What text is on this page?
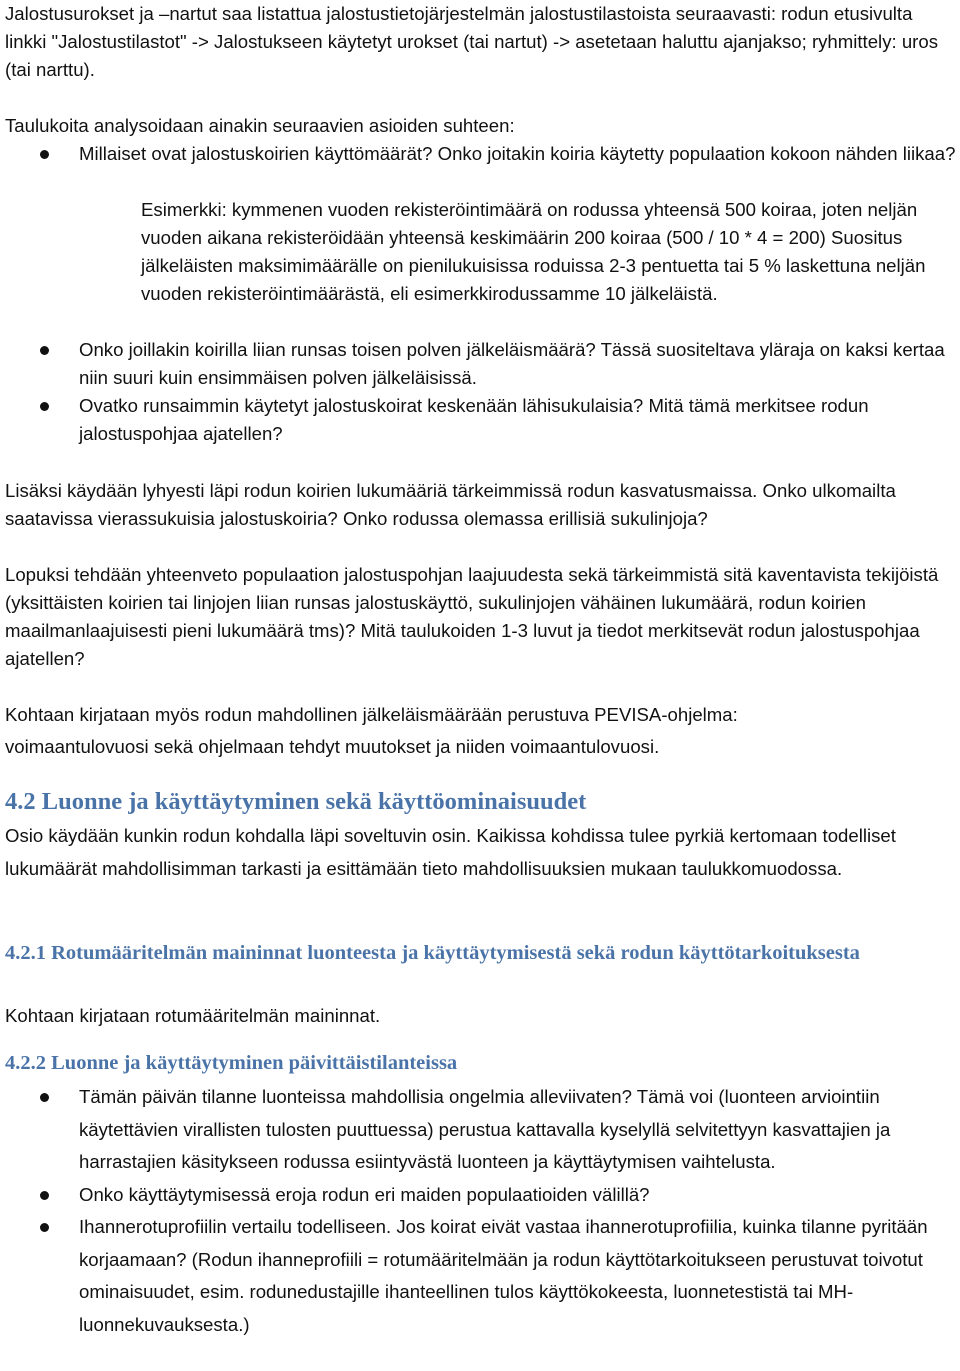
Jalostusurokset ja –nartut saa listattua jalostustietojärjestelmän jalostustilastoista seuraavasti: rodun etusivulta linkki "Jalostustilastot" -> Jalostukseen käytetyt urokset (tai nartut) -> asetetaan haluttu ajanjakso; ryhmittely: uros (tai narttu).

Taulukoita analysoidaan ainakin seuraavien asioiden suhteen:

Millaiset ovat jalostuskoirien käyttömäärät? Onko joitakin koiria käytetty populaation kokoon nähden liikaa?

Esimerkki: kymmenen vuoden rekisteröintimäärä on rodussa yhteensä 500 koiraa, joten neljän vuoden aikana rekisteröidään yhteensä keskimäärin 200 koiraa (500 / 10 * 4 = 200) Suositus jälkeläisten maksimimäärälle on pienilukuisissa roduissa 2-3 pentuetta tai 5 % laskettuna neljän vuoden rekisteröintimäärästä, eli esimerkkirodussamme 10 jälkeläistä.

Onko joillakin koirilla liian runsas toisen polven jälkeläismäärä? Tässä suositeltava yläraja on kaksi kertaa niin suuri kuin ensimmäisen polven jälkeläisissä.
Ovatko runsaimmin käytetyt jalostuskoirat keskenään lähisukulaisia? Mitä tämä merkitsee rodun jalostuspohjaa ajatellen?

Lisäksi käydään lyhyesti läpi rodun koirien lukumääriä tärkeimmissä rodun kasvatusmaissa. Onko ulkomailta saatavissa vierassukuisia jalostuskoiria? Onko rodussa olemassa erillisiä sukulinjoja?

Lopuksi tehdään yhteenveto populaation jalostuspohjan laajuudesta sekä tärkeimmistä sitä kaventavista tekijöistä (yksittäisten koirien tai linjojen liian runsas jalostuskäyttö, sukulinjojen vähäinen lukumäärä, rodun koirien maailmanlaajuisesti pieni lukumäärä tms)? Mitä taulukoiden 1-3 luvut ja tiedot merkitsevät rodun jalostuspohjaa ajatellen?

Kohtaan kirjataan myös rodun mahdollinen jälkeläismäärään perustuva PEVISA-ohjelma:

voimaantulovuosi sekä ohjelmaan tehdyt muutokset ja niiden voimaantulovuosi.

4.2 Luonne ja käyttäytyminen sekä käyttöominaisuudet

Osio käydään kunkin rodun kohdalla läpi soveltuvin osin. Kaikissa kohdissa tulee pyrkiä kertomaan todelliset lukumäärät mahdollisimman tarkasti ja esittämään tieto mahdollisuuksien mukaan taulukkomuodossa.

4.2.1 Rotumääritelmän maininnat luonteesta ja käyttäytymisestä sekä rodun käyttötarkoituksesta

Kohtaan kirjataan rotumääritelmän maininnat.

4.2.2 Luonne ja käyttäytyminen päivittäistilanteissa
Tämän päivän tilanne luonteissa mahdollisia ongelmia alleviivaten? Tämä voi (luonteen arviointiin käytettävien virallisten tulosten puuttuessa) perustua kattavalla kyselyllä selvitettyyn kasvattajien ja harrastajien käsitykseen rodussa esiintyvästä luonteen ja käyttäytymisen vaihtelusta.
Onko käyttäytymisessä eroja rodun eri maiden populaatioiden välillä?
Ihannerotuprofiilin vertailu todelliseen. Jos koirat eivät vastaa ihannerotuprofiilia, kuinka tilanne pyritään korjaamaan? (Rodun ihanneprofiili = rotumääritelmään ja rodun käyttötarkoitukseen perustuvat toivotut ominaisuudet, esim. rodunedustajille ihanteellinen tulos käyttökokeesta, luonnetestistä tai MH-luonnekuvauksesta.)
